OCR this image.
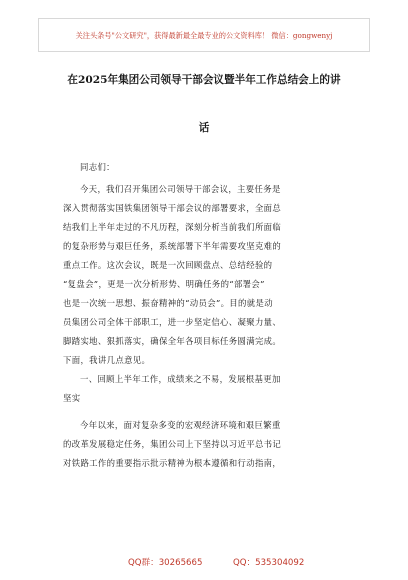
关注头条号"公文研究"，获得最新最全最专业的公文资料库！ 微信：gongwenyj
在2025年集团公司领导干部会议暨半年工作总结会上的讲
话
同志们：
今天，我们召开集团公司领导干部会议，主要任务是
深入贯彻落实国铁集团领导干部会议的部署要求，全面总
结我们上半年走过的不凡历程，深刻分析当前我们所面临
的复杂形势与艰巨任务，系统部署下半年需要攻坚克难的
重点工作。这次会议，既是一次回顾盘点、总结经验的
“复盘会”，更是一次分析形势、明确任务的“部署会”
也是一次统一思想、振奋精神的“动员会”。目的就是动
员集团公司全体干部职工，进一步坚定信心、凝聚力量、
脚踏实地、狠抓落实，确保全年各项目标任务圆满完成。
下面，我讲几点意见。
一、回顾上半年工作，成绩来之不易，发展根基更加
坚实
今年以来，面对复杂多变的宏观经济环境和艰巨繁重
的改革发展稳定任务，集团公司上下坚持以习近平总书记
对铁路工作的重要指示批示精神为根本遵循和行动指南，
QQ群：30265665	QQ：535304092
